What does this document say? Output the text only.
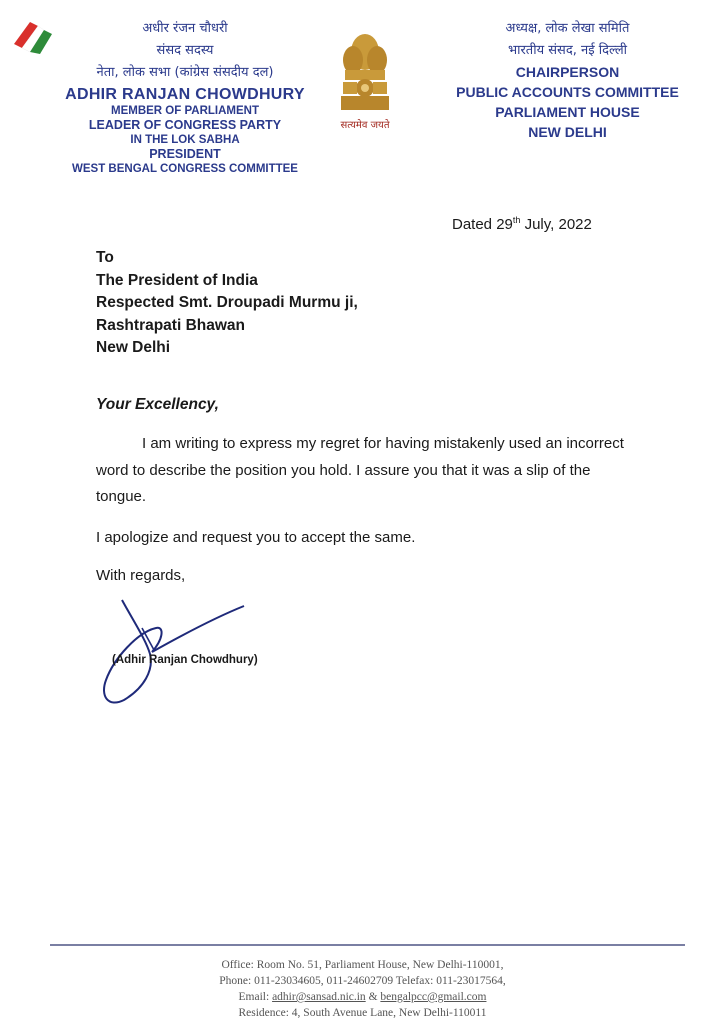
अधीर रंजन चौधरी
संसद सदस्य
नेता, लोक सभा (कांग्रेस संसदीय दल)
ADHIR RANJAN CHOWDHURY
MEMBER OF PARLIAMENT
LEADER OF CONGRESS PARTY
IN THE LOK SABHA
PRESIDENT
WEST BENGAL CONGRESS COMMITTEE
सत्यमेव जयते
अध्यक्ष, लोक लेखा समिति
भारतीय संसद, नई दिल्ली
CHAIRPERSON
PUBLIC ACCOUNTS COMMITTEE
PARLIAMENT HOUSE
NEW DELHI
Dated 29th July, 2022
To
The President of India
Respected Smt. Droupadi Murmu ji,
Rashtrapati Bhawan
New Delhi
Your Excellency,
I am writing to express my regret for having mistakenly used an incorrect word to describe the position you hold. I assure you that it was a slip of the tongue.
I apologize and request you to accept the same.
With regards,
(Adhir Ranjan Chowdhury)
Office: Room No. 51, Parliament House, New Delhi-110001,
Phone: 011-23034605, 011-24602709 Telefax: 011-23017564,
Email: adhir@sansad.nic.in & bengalpcc@gmail.com
Residence: 4, South Avenue Lane, New Delhi-110011
